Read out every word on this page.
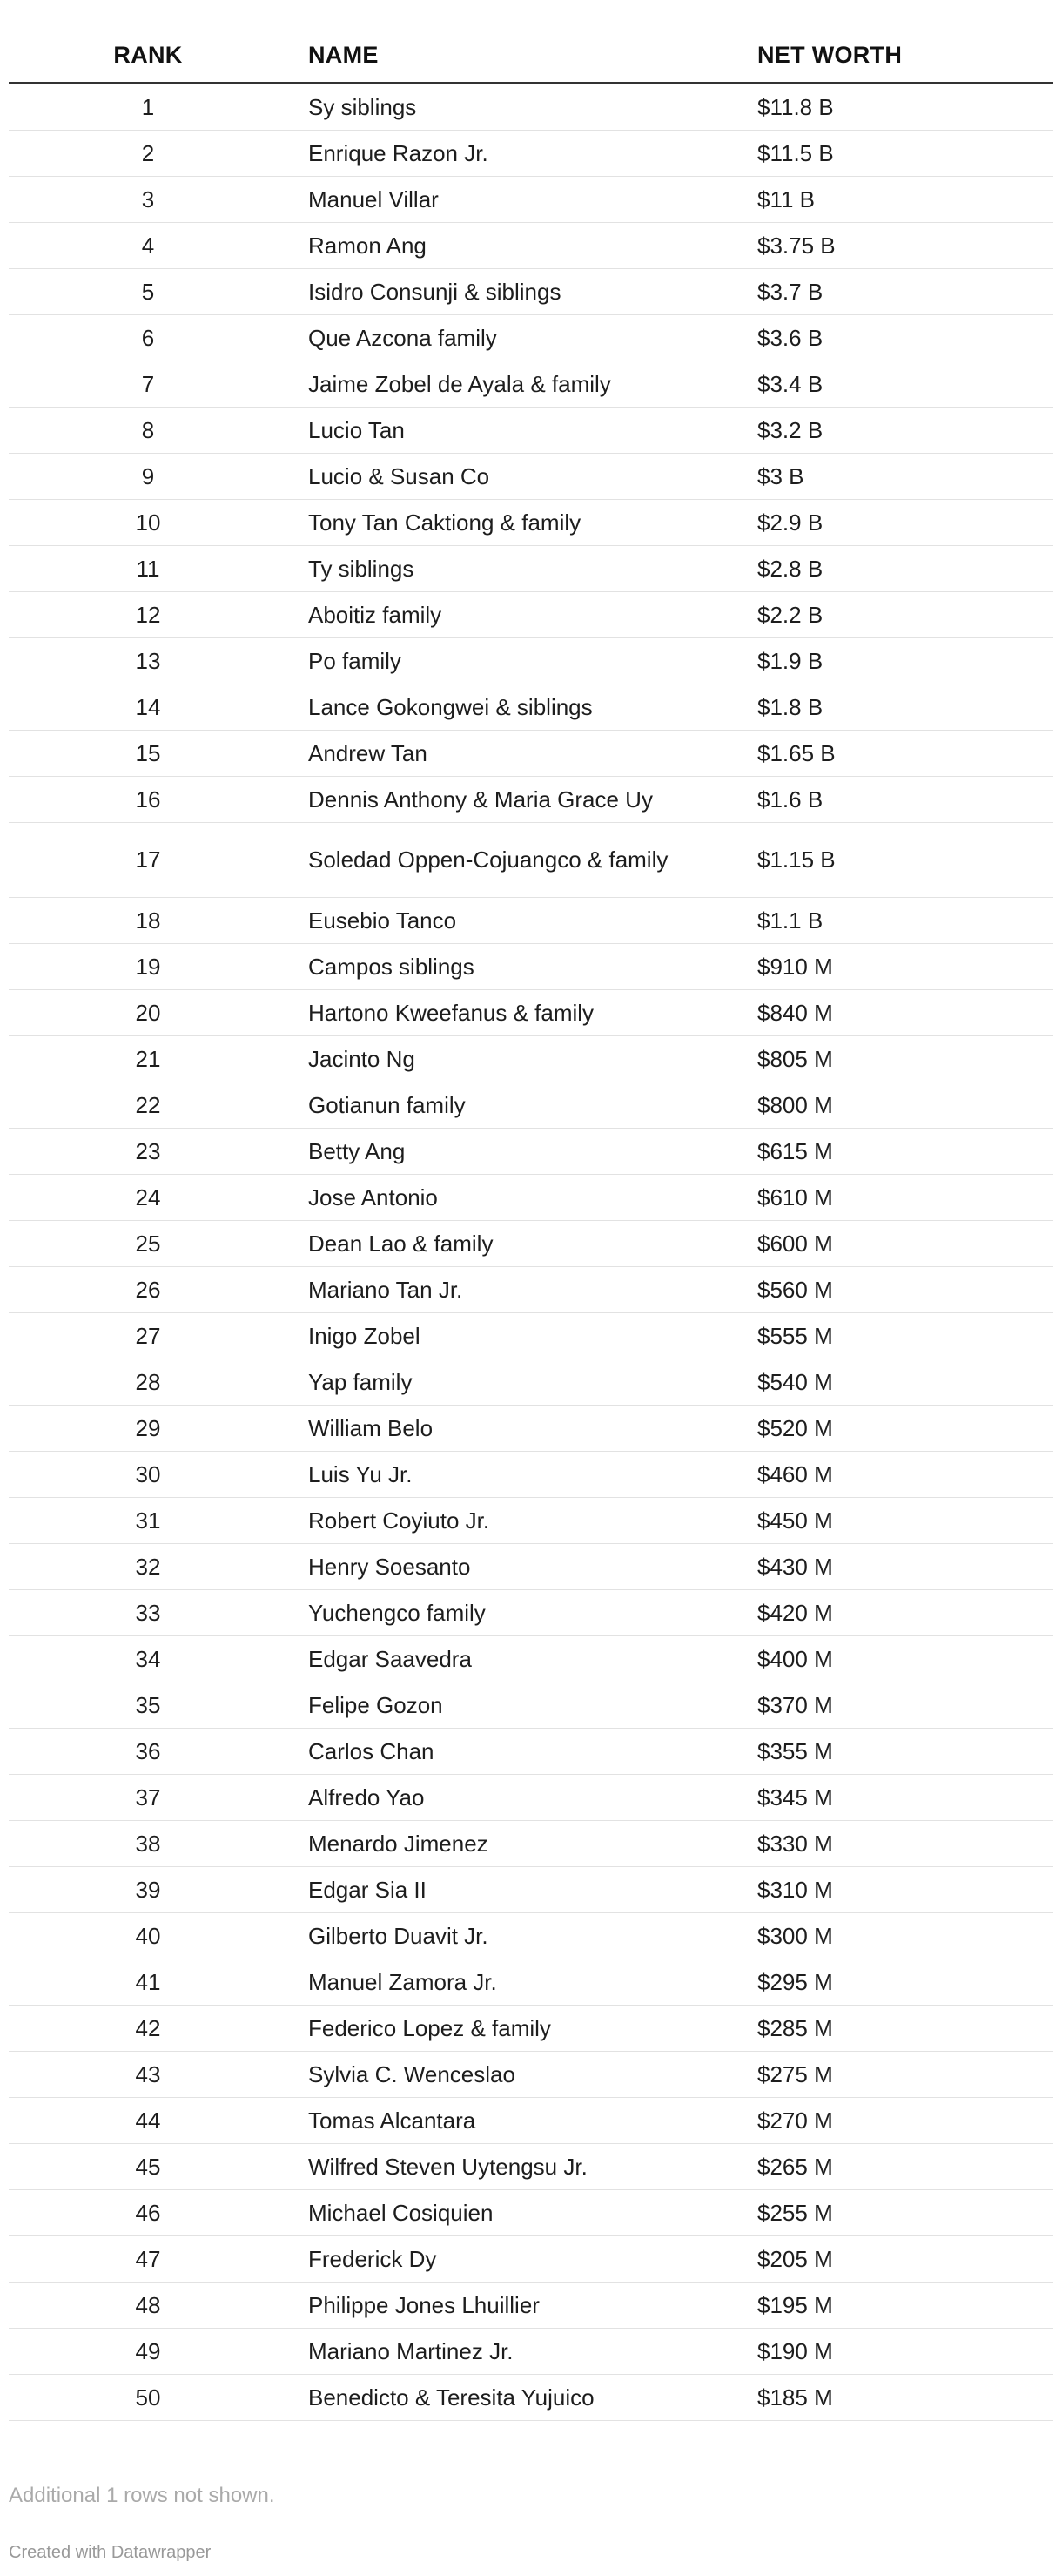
RANK	NAME	NET WORTH
1	Sy siblings	$11.8 B
2	Enrique Razon Jr.	$11.5 B
3	Manuel Villar	$11 B
4	Ramon Ang	$3.75 B
5	Isidro Consunji & siblings	$3.7 B
6	Que Azcona family	$3.6 B
7	Jaime Zobel de Ayala & family	$3.4 B
8	Lucio Tan	$3.2 B
9	Lucio & Susan Co	$3 B
10	Tony Tan Caktiong & family	$2.9 B
11	Ty siblings	$2.8 B
12	Aboitiz family	$2.2 B
13	Po family	$1.9 B
14	Lance Gokongwei & siblings	$1.8 B
15	Andrew Tan	$1.65 B
16	Dennis Anthony & Maria Grace Uy	$1.6 B
17	Soledad Oppen-Cojuangco & family	$1.15 B
18	Eusebio Tanco	$1.1 B
19	Campos siblings	$910 M
20	Hartono Kweefanus & family	$840 M
21	Jacinto Ng	$805 M
22	Gotianun family	$800 M
23	Betty Ang	$615 M
24	Jose Antonio	$610 M
25	Dean Lao & family	$600 M
26	Mariano Tan Jr.	$560 M
27	Inigo Zobel	$555 M
28	Yap family	$540 M
29	William Belo	$520 M
30	Luis Yu Jr.	$460 M
31	Robert Coyiuto Jr.	$450 M
32	Henry Soesanto	$430 M
33	Yuchengco family	$420 M
34	Edgar Saavedra	$400 M
35	Felipe Gozon	$370 M
36	Carlos Chan	$355 M
37	Alfredo Yao	$345 M
38	Menardo Jimenez	$330 M
39	Edgar Sia II	$310 M
40	Gilberto Duavit Jr.	$300 M
41	Manuel Zamora Jr.	$295 M
42	Federico Lopez & family	$285 M
43	Sylvia C. Wenceslao	$275 M
44	Tomas Alcantara	$270 M
45	Wilfred Steven Uytengsu Jr.	$265 M
46	Michael Cosiquien	$255 M
47	Frederick Dy	$205 M
48	Philippe Jones Lhuillier	$195 M
49	Mariano Martinez Jr.	$190 M
50	Benedicto & Teresita Yujuico	$185 M
Additional 1 rows not shown.
Created with Datawrapper
